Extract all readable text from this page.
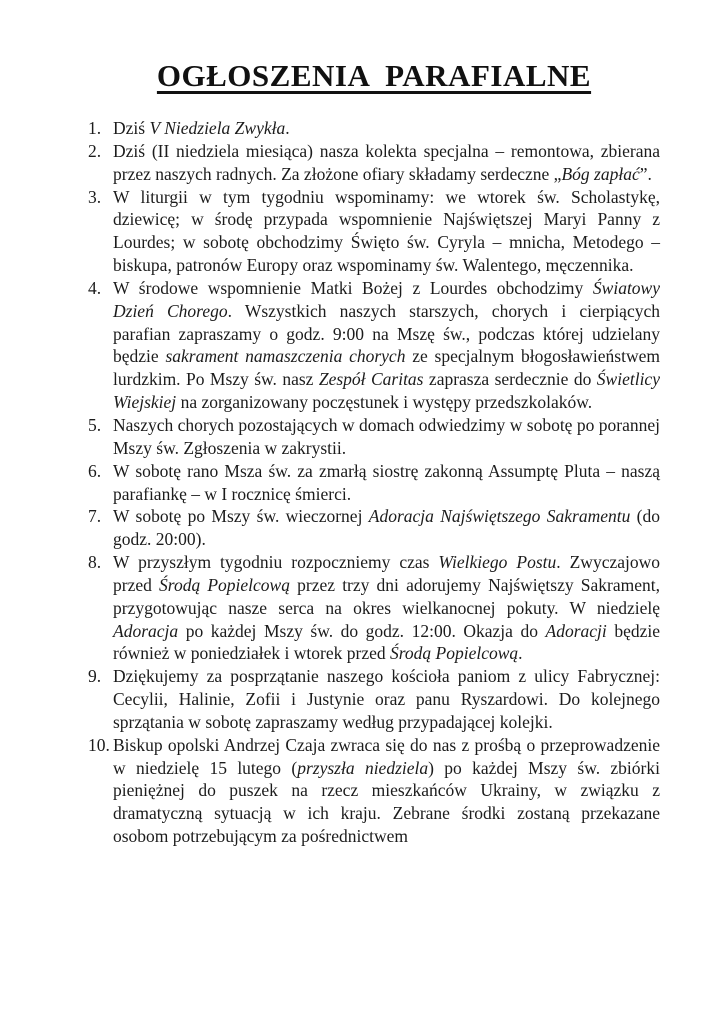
OGŁOSZENIA  PARAFIALNE
1. Dziś V Niedziela Zwykła.
2. Dziś (II niedziela miesiąca) nasza kolekta specjalna – remontowa, zbierana przez naszych radnych. Za złożone ofiary składamy serdeczne „Bóg zapłać”.
3. W liturgii w tym tygodniu wspominamy: we wtorek św. Scholastykę, dziewicę; w środę przypada wspomnienie Najświętszej Maryi Panny z Lourdes; w sobotę obchodzimy Święto św. Cyryla – mnicha, Metodego – biskupa, patronów Europy oraz wspominamy św. Walentego, męczennika.
4. W środowe wspomnienie Matki Bożej z Lourdes obchodzimy Światowy Dzień Chorego. Wszystkich naszych starszych, chorych i cierpiących parafian zapraszamy o godz. 9:00 na Mszę św., podczas której udzielany będzie sakrament namaszczenia chorych ze specjalnym błogosławieństwem lurdzkim. Po Mszy św. nasz Zespół Caritas zaprasza serdecznie do Świetlicy Wiejskiej na zorganizowany poczęstunek i występy przedszkolaków.
5. Naszych chorych pozostających w domach odwiedzimy w sobotę po porannej Mszy św. Zgłoszenia w zakrystii.
6. W sobotę rano Msza św. za zmarłą siostrę zakonną Assumptę Pluta – naszą parafiankę – w I rocznicę śmierci.
7. W sobotę po Mszy św. wieczornej Adoracja Najświętszego Sakramentu (do godz. 20:00).
8. W przyszłym tygodniu rozpoczniemy czas Wielkiego Postu. Zwyczajowo przed Środą Popielcową przez trzy dni adorujemy Najświętszy Sakrament, przygotowując nasze serca na okres wielkanocnej pokuty. W niedzielę Adoracja po każdej Mszy św. do godz. 12:00. Okazja do Adoracji będzie również w poniedziałek i wtorek przed Środą Popielcową.
9. Dziękujemy za posprzątanie naszego kościoła paniom z ulicy Fabrycznej: Cecylii, Halinie, Zofii i Justynie oraz panu Ryszardowi. Do kolejnego sprzątania w sobotę zapraszamy według przypadającej kolejki.
10. Biskup opolski Andrzej Czaja zwraca się do nas z prośbą o przeprowadzenie w niedzielę 15 lutego (przyszła niedziela) po każdej Mszy św. zbiórki pieniężnej do puszek na rzecz mieszkańców Ukrainy, w związku z dramatyczną sytuacją w ich kraju. Zebrane środki zostaną przekazane osobom potrzebującym za pośrednictwem
